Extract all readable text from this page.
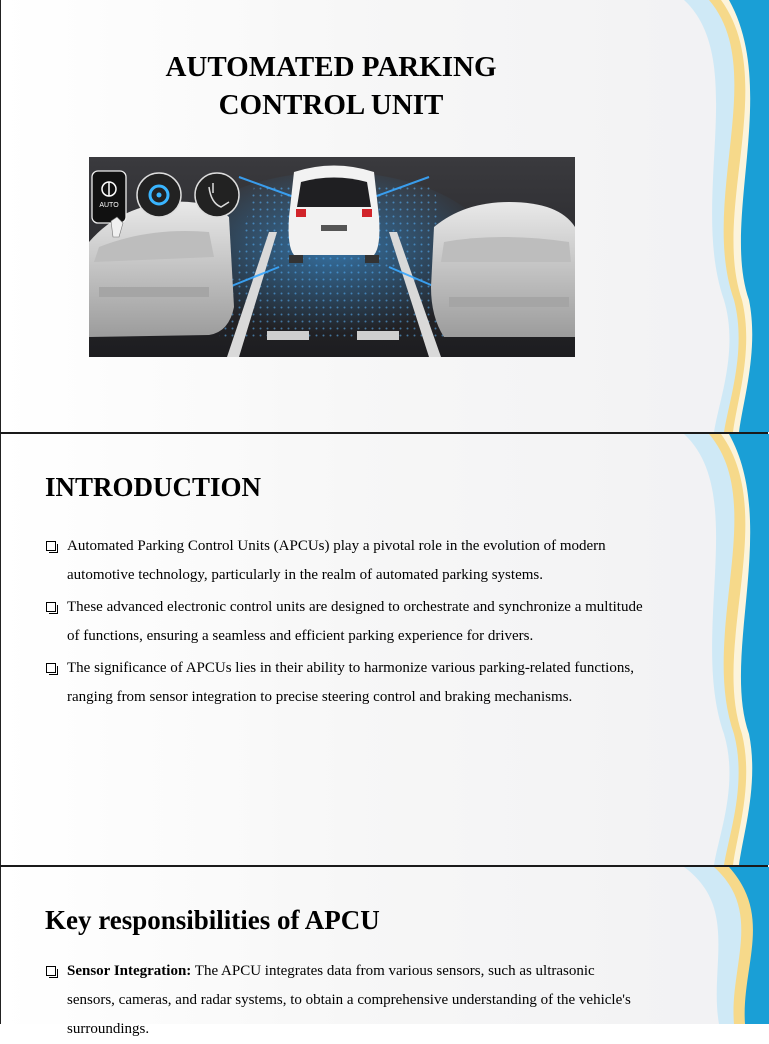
AUTOMATED PARKING
CONTROL UNIT
AUTO
INTRODUCTION
Automated Parking Control Units (APCUs) play a pivotal role in the evolution of modern automotive technology, particularly in the realm of automated parking systems.
These advanced electronic control units are designed to orchestrate and synchronize a multitude of functions, ensuring a seamless and efficient parking experience for drivers.
The significance of APCUs lies in their ability to harmonize various parking-related functions, ranging from sensor integration to precise steering control and braking mechanisms.
Key responsibilities of APCU
Sensor Integration: The APCU integrates data from various sensors, such as ultrasonic sensors, cameras, and radar systems, to obtain a comprehensive understanding of the vehicle's surroundings.
